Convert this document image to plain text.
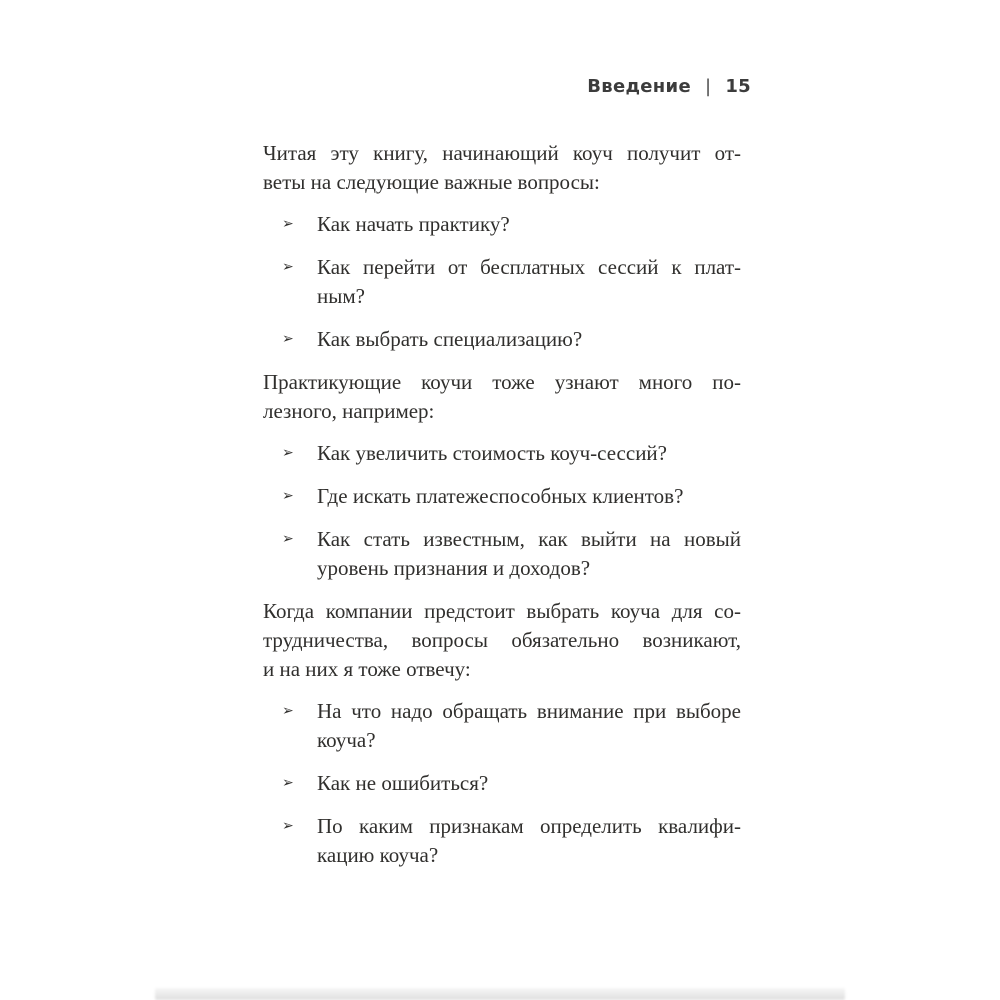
Введение | 15

Читая эту книгу, начинающий коуч получит от-
веты на следующие важные вопросы:

➢ Как начать практику?
➢ Как перейти от бесплатных сессий к плат-
ным?
➢ Как выбрать специализацию?

Практикующие коучи тоже узнают много по-
лезного, например:

➢ Как увеличить стоимость коуч-сессий?
➢ Где искать платежеспособных клиентов?
➢ Как стать известным, как выйти на новый
уровень признания и доходов?

Когда компании предстоит выбрать коуча для со-
трудничества, вопросы обязательно возникают,
и на них я тоже отвечу:

➢ На что надо обращать внимание при выборе
коуча?
➢ Как не ошибиться?
➢ По каким признакам определить квалифи-
кацию коуча?
